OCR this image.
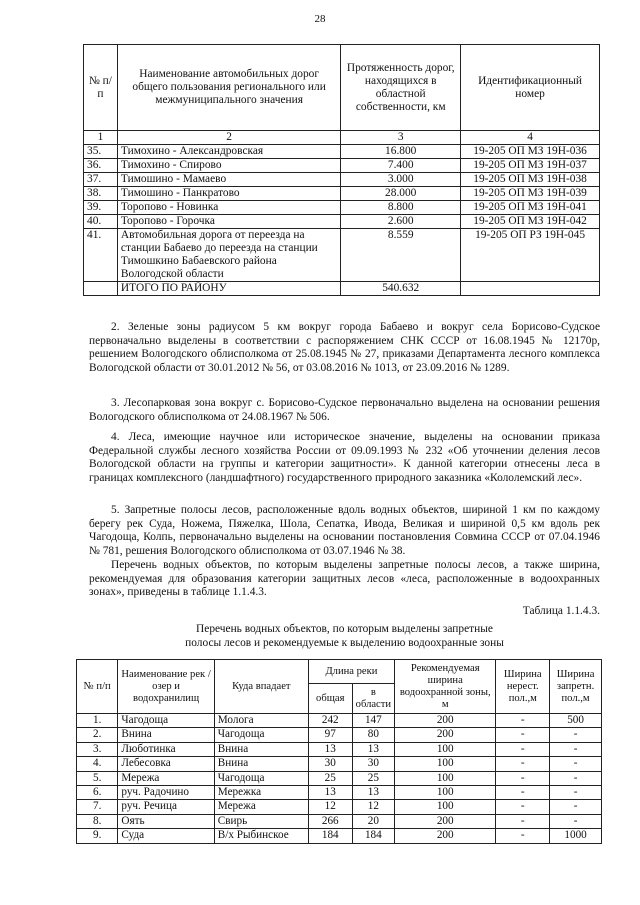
28
№ п/п	Наименование автомобильных дорог общего пользования регионального или межмуниципального значения	Протяженность дорог, находящихся в областной собственности, км	Идентификационный номер
1	2	3	4
35.	Тимохино - Александровская	16.800	19-205 ОП МЗ 19Н-036
36.	Тимохино - Спирово	7.400	19-205 ОП МЗ 19Н-037
37.	Тимошино - Мамаево	3.000	19-205 ОП МЗ 19Н-038
38.	Тимошино - Панкратово	28.000	19-205 ОП МЗ 19Н-039
39.	Торопово - Новинка	8.800	19-205 ОП МЗ 19Н-041
40.	Торопово - Горочка	2.600	19-205 ОП МЗ 19Н-042
41.	Автомобильная дорога от переезда на станции Бабаево до переезда на станции Тимошкино Бабаевского района Вологодской области	8.559	19-205 ОП РЗ 19Н-045
	ИТОГО ПО РАЙОНУ	540.632	

2. Зеленые зоны радиусом 5 км вокруг города Бабаево и вокруг села Борисово-Судское первоначально выделены в соответствии с распоряжением СНК СССР от 16.08.1945 № 12170р, решением Вологодского облисполкома от 25.08.1945 № 27, приказами Департамента лесного комплекса Вологодской области от 30.01.2012 № 56, от 03.08.2016 № 1013, от 23.09.2016 № 1289.

3. Лесопарковая зона вокруг с. Борисово-Судское первоначально выделена на основании решения Вологодского облисполкома от 24.08.1967 № 506.

4. Леса, имеющие научное или историческое значение, выделены на основании приказа Федеральной службы лесного хозяйства России от 09.09.1993 № 232 «Об уточнении деления лесов Вологодской области на группы и категории защитности». К данной категории отнесены леса в границах комплексного (ландшафтного) государственного природного заказника «Кололемский лес».

5. Запретные полосы лесов, расположенные вдоль водных объектов, шириной 1 км по каждому берегу рек Суда, Ножема, Пяжелка, Шола, Сепатка, Ивода, Великая и шириной 0,5 км вдоль рек Чагодоща, Колпь, первоначально выделены на основании постановления Совмина СССР от 07.04.1946 № 781, решения Вологодского облисполкома от 03.07.1946 № 38.

Перечень водных объектов, по которым выделены запретные полосы лесов, а также ширина, рекомендуемая для образования категории защитных лесов «леса, расположенные в водоохранных зонах», приведены в таблице 1.1.4.3.

Таблица 1.1.4.3.
Перечень водных объектов, по которым выделены запретные
полосы лесов и рекомендуемые к выделению водоохранные зоны
№ п/п	Наименование рек / озер и водохранилищ	Куда впадает	Длина реки		Рекомендуемая ширина водоохранной зоны, м	Ширина нерест. пол.,м	Ширина запретн. пол.,м
			общая	в области			
1.	Чагодоща	Молога	242	147	200	-	500
2.	Внина	Чагодоща	97	80	200	-	-
3.	Люботинка	Внина	13	13	100	-	-
4.	Лебесовка	Внина	30	30	100	-	-
5.	Мережа	Чагодоща	25	25	100	-	-
6.	руч. Радочино	Мережка	13	13	100	-	-
7.	руч. Речица	Мережа	12	12	100	-	-
8.	Оять	Свирь	266	20	200	-	-
9.	Суда	В/х Рыбинское	184	184	200	-	1000
